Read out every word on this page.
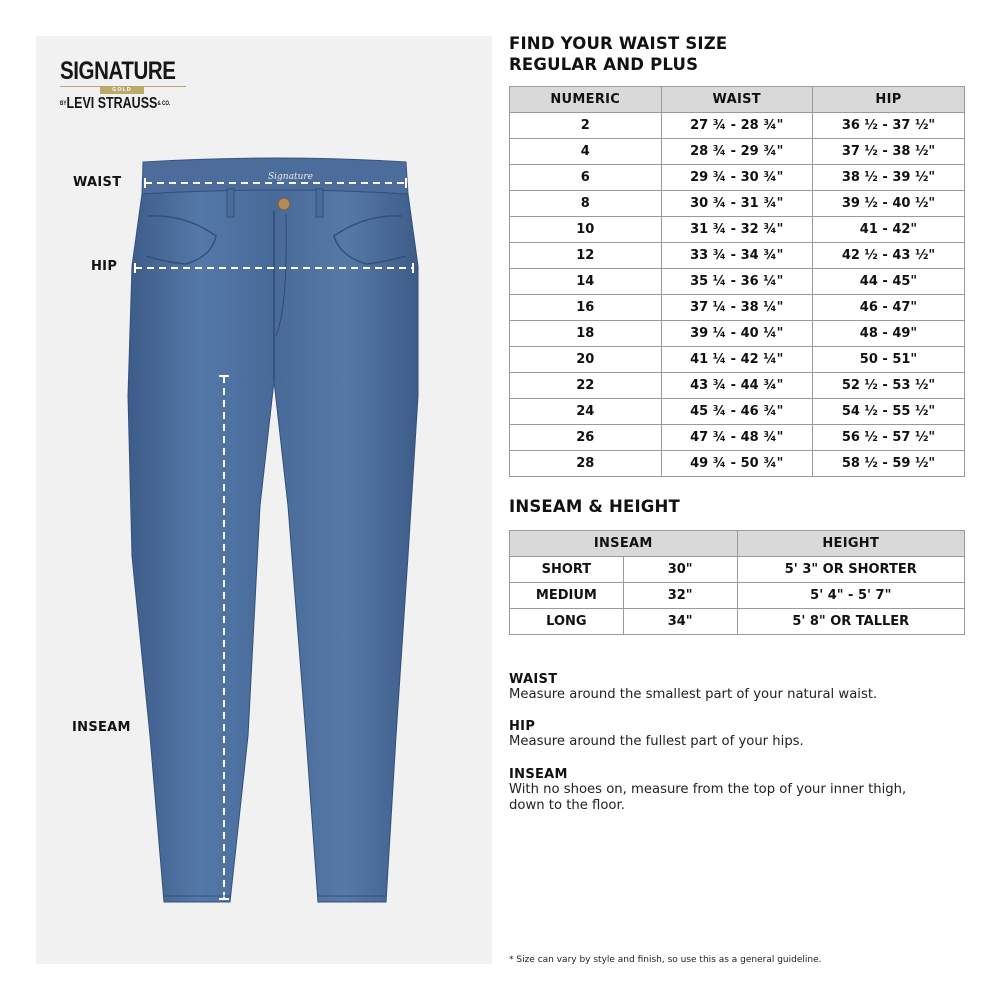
SIGNATURE
GOLD
BYLEVI STRAUSS& CO.
WAIST
HIP
INSEAM
Signature
FIND YOUR WAIST SIZE
REGULAR AND PLUS
NUMERIC	WAIST	HIP
2	27 ¾ - 28 ¾"	36 ½ - 37 ½"
4	28 ¾ - 29 ¾"	37 ½ - 38 ½"
6	29 ¾ - 30 ¾"	38 ½ - 39 ½"
8	30 ¾ - 31 ¾"	39 ½ - 40 ½"
10	31 ¾ - 32 ¾"	41 - 42"
12	33 ¾ - 34 ¾"	42 ½ - 43 ½"
14	35 ¼ - 36 ¼"	44 - 45"
16	37 ¼ - 38 ¼"	46 - 47"
18	39 ¼ - 40 ¼"	48 - 49"
20	41 ¼ - 42 ¼"	50 - 51"
22	43 ¾ - 44 ¾"	52 ½ - 53 ½"
24	45 ¾ - 46 ¾"	54 ½ - 55 ½"
26	47 ¾ - 48 ¾"	56 ½ - 57 ½"
28	49 ¾ - 50 ¾"	58 ½ - 59 ½"
INSEAM & HEIGHT
INSEAM		HEIGHT
SHORT	30"	5' 3" OR SHORTER
MEDIUM	32"	5' 4" - 5' 7"
LONG	34"	5' 8" OR TALLER
WAIST
Measure around the smallest part of your natural waist.
HIP
Measure around the fullest part of your hips.
INSEAM
With no shoes on, measure from the top of your inner thigh, down to the floor.
* Size can vary by style and finish, so use this as a general guideline.
